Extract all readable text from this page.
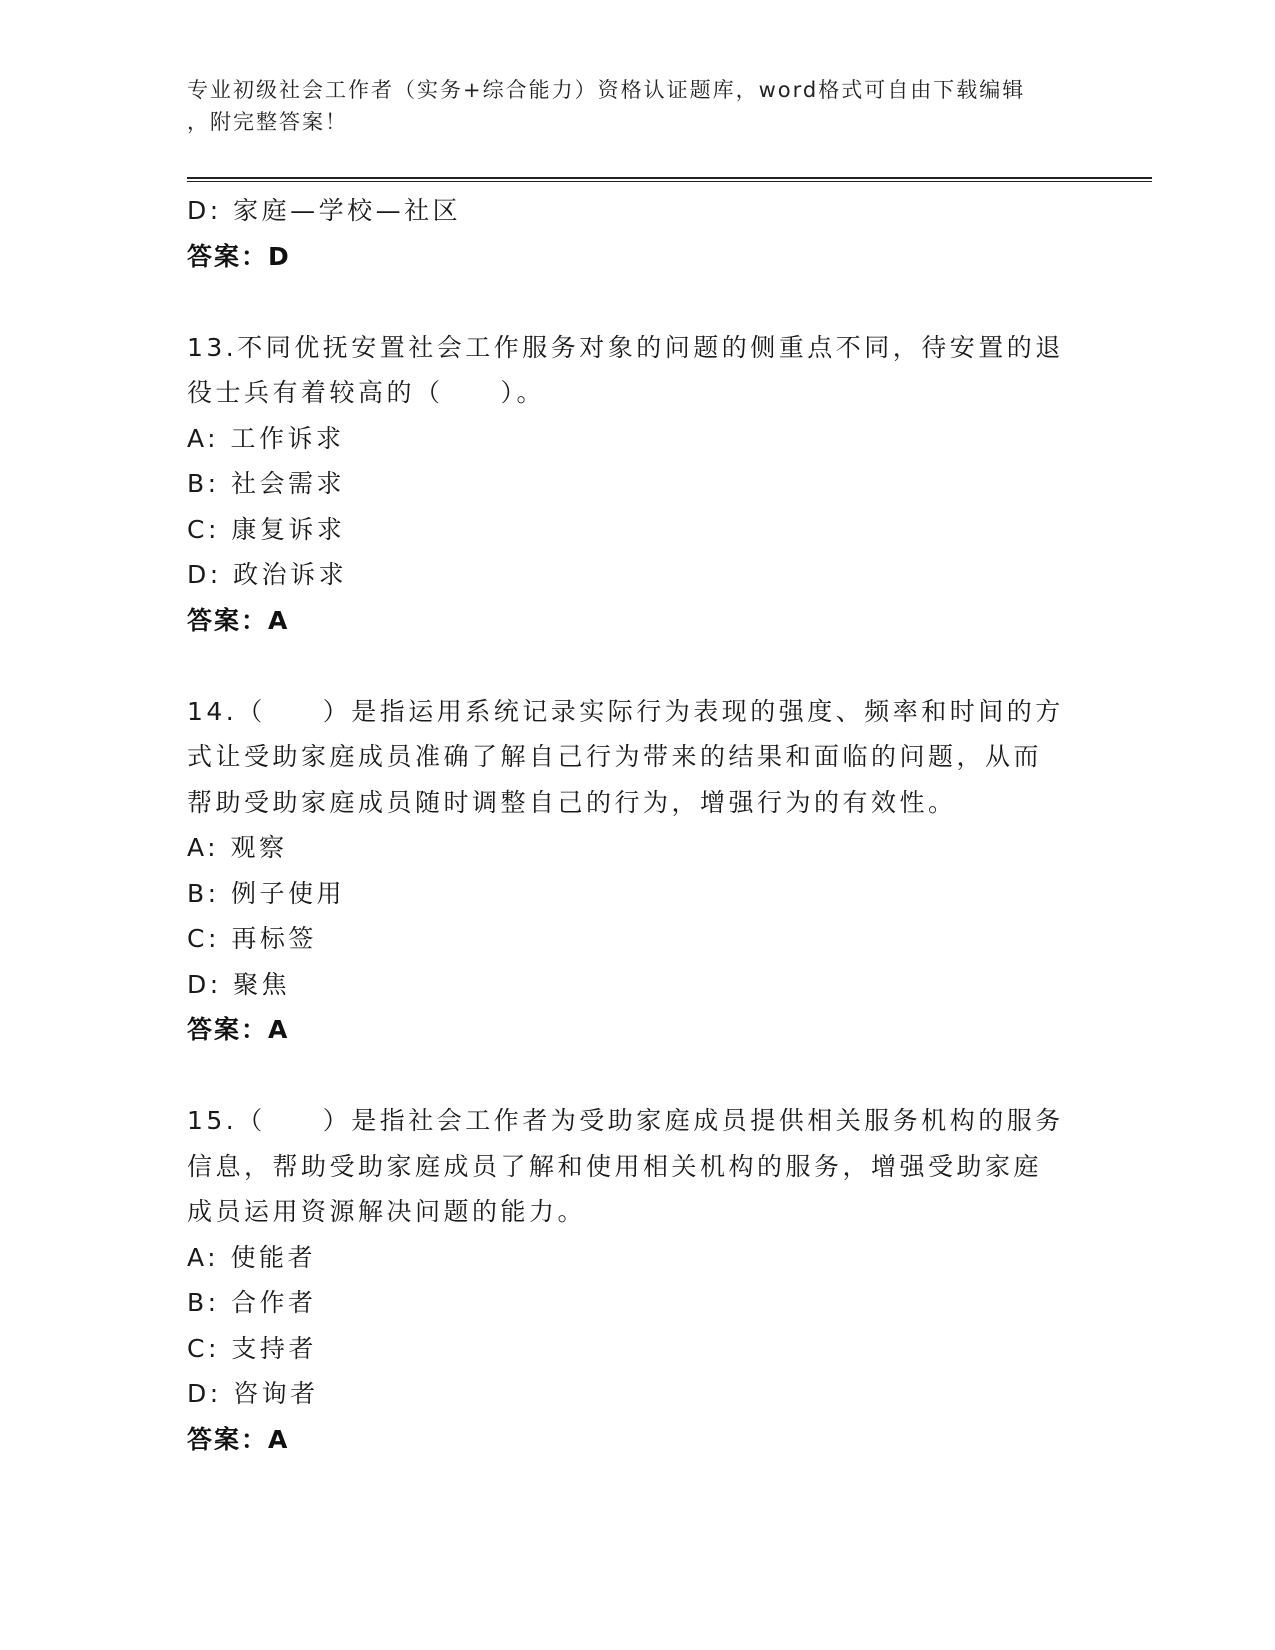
专业初级社会工作者（实务+综合能力）资格认证题库，word格式可自由下载编辑
，附完整答案！
D: 家庭—学校—社区
答案：D
13.不同优抚安置社会工作服务对象的问题的侧重点不同，待安置的退
役士兵有着较高的（　　）。
A: 工作诉求
B: 社会需求
C: 康复诉求
D: 政治诉求
答案：A
14.（　　）是指运用系统记录实际行为表现的强度、频率和时间的方
式让受助家庭成员准确了解自己行为带来的结果和面临的问题，从而
帮助受助家庭成员随时调整自己的行为，增强行为的有效性。
A: 观察
B: 例子使用
C: 再标签
D: 聚焦
答案：A
15.（　　）是指社会工作者为受助家庭成员提供相关服务机构的服务
信息，帮助受助家庭成员了解和使用相关机构的服务，增强受助家庭
成员运用资源解决问题的能力。
A: 使能者
B: 合作者
C: 支持者
D: 咨询者
答案：A
